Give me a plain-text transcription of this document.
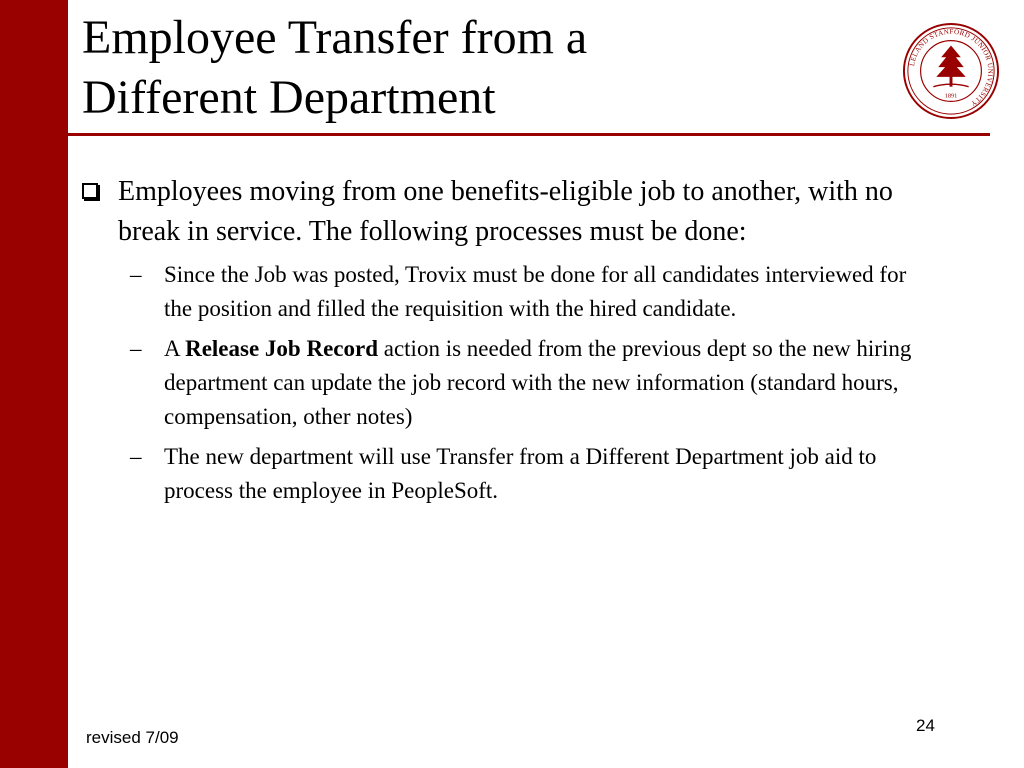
Employee Transfer from a
Different Department
LELAND STANFORD JUNIOR UNIVERSITY
1891

Employees moving from one benefits-eligible job to another, with no break in service. The following processes must be done:

– Since the Job was posted, Trovix must be done for all candidates interviewed for the position and filled the requisition with the hired candidate.

– A Release Job Record action is needed from the previous dept so the new hiring department can update the job record with the new information (standard hours, compensation, other notes)

– The new department will use Transfer from a Different Department job aid to process the employee in PeopleSoft.

revised 7/09
24
